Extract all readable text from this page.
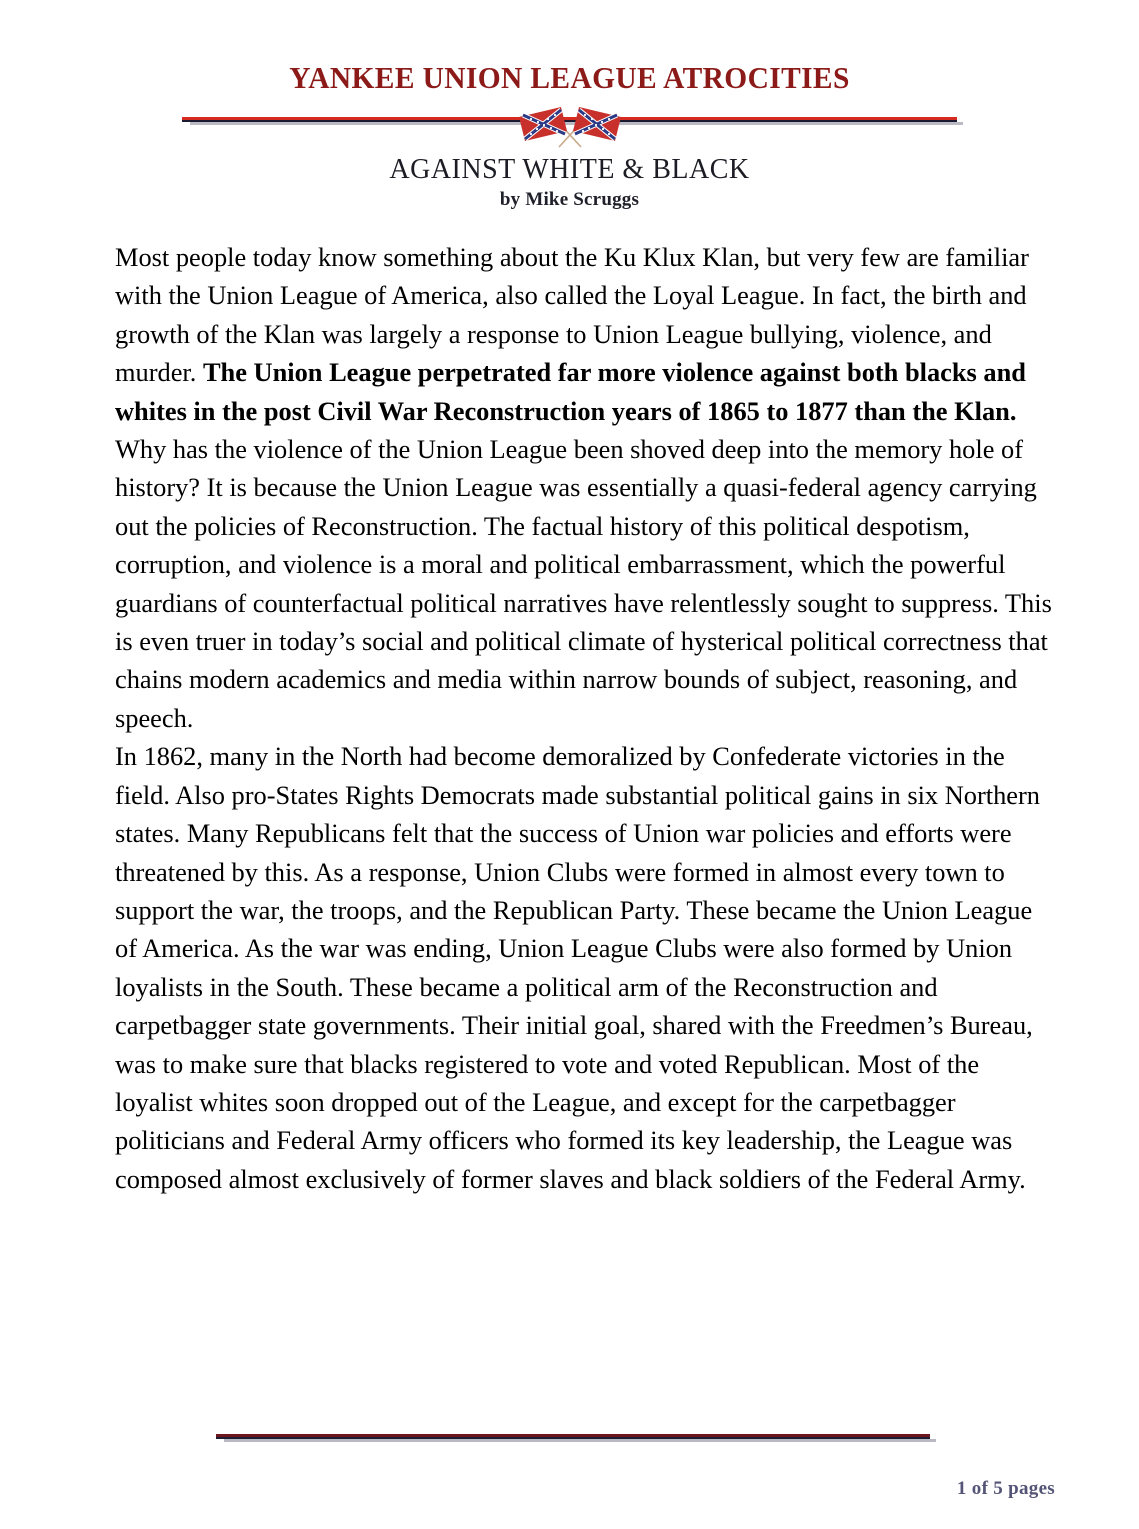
YANKEE UNION LEAGUE ATROCITIES
AGAINST WHITE & BLACK
by Mike Scruggs

Most people today know something about the Ku Klux Klan, but very few are familiar with the Union League of America, also called the Loyal League. In fact, the birth and growth of the Klan was largely a response to Union League bullying, violence, and murder. The Union League perpetrated far more violence against both blacks and whites in the post Civil War Reconstruction years of 1865 to 1877 than the Klan. Why has the violence of the Union League been shoved deep into the memory hole of history? It is because the Union League was essentially a quasi-federal agency carrying out the policies of Reconstruction. The factual history of this political despotism, corruption, and violence is a moral and political embarrassment, which the powerful guardians of counterfactual political narratives have relentlessly sought to suppress. This is even truer in today’s social and political climate of hysterical political correctness that chains modern academics and media within narrow bounds of subject, reasoning, and speech.

In 1862, many in the North had become demoralized by Confederate victories in the field. Also pro-States Rights Democrats made substantial political gains in six Northern states. Many Republicans felt that the success of Union war policies and efforts were threatened by this. As a response, Union Clubs were formed in almost every town to support the war, the troops, and the Republican Party. These became the Union League of America. As the war was ending, Union League Clubs were also formed by Union loyalists in the South. These became a political arm of the Reconstruction and carpetbagger state governments. Their initial goal, shared with the Freedmen’s Bureau, was to make sure that blacks registered to vote and voted Republican. Most of the loyalist whites soon dropped out of the League, and except for the carpetbagger politicians and Federal Army officers who formed its key leadership, the League was composed almost exclusively of former slaves and black soldiers of the Federal Army.

1 of 5 pages
